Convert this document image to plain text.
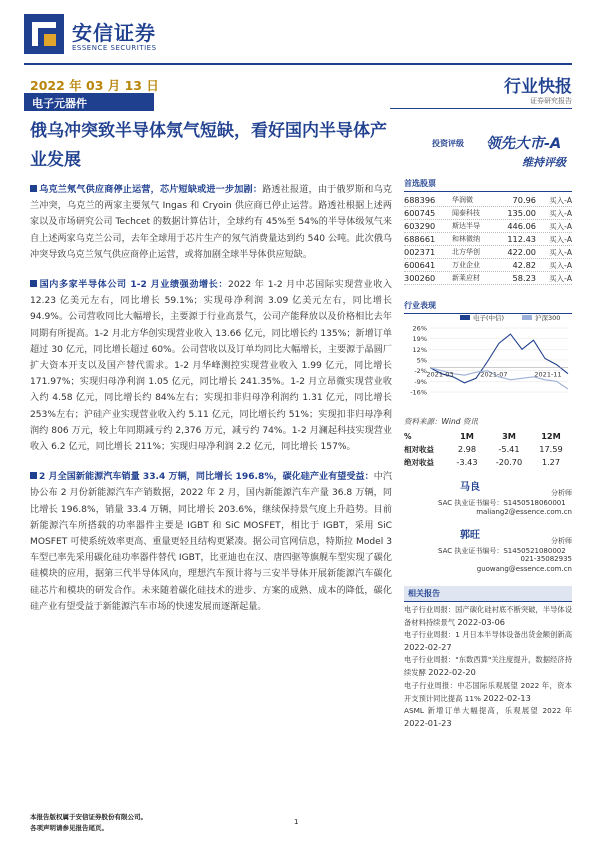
安信证券
ESSENCE SECURITIES
2022 年 03 月 13 日
电子元器件
行业快报
证券研究报告
俄乌冲突致半导体氖气短缺，看好国内半导体产业发展
投资评级 领先大市-A
维持评级

乌克兰氖气供应商停止运营，芯片短缺或进一步加剧：路透社报道，由于俄罗斯和乌克兰冲突，乌克兰的两家主要氖气 Ingas 和 Cryoin 供应商已停止运营。路透社根据上述两家以及市场研究公司 Techcet 的数据计算估计，全球约有 45%至 54%的半导体级氖气来自上述两家乌克兰公司，去年全球用于芯片生产的氖气消费量达到约 540 公吨。此次俄乌冲突导致乌克兰氖气供应商停止运营，或将加剧全球半导体供应短缺。

国内多家半导体公司 1-2 月业绩强劲增长：2022 年 1-2 月中芯国际实现营业收入 12.23 亿美元左右，同比增长 59.1%；实现母净利润 3.09 亿美元左右，同比增长 94.9%。公司营收同比大幅增长，主要源于行业高景气，公司产能释放以及价格相比去年同期有所提高。1-2 月北方华创实现营业收入 13.66 亿元，同比增长约 135%；新增订单超过 30 亿元，同比增长超过 60%。公司营收以及订单均同比大幅增长，主要源于晶圆厂扩大资本开支以及国产替代需求。1-2 月华峰测控实现营业收入 1.99 亿元，同比增长 171.97%；实现归母净利润 1.05 亿元，同比增长 241.35%。1-2 月立昂微实现营业收入约 4.58 亿元，同比增长约 84%左右；实现扣非归母净利润约 1.31 亿元，同比增长 253%左右；沪硅产业实现营业收入约 5.11 亿元，同比增长约 51%；实现扣非归母净利润约 806 万元，较上年同期减亏约 2,376 万元，减亏约 74%。1-2 月澜起科技实现营业收入 6.2 亿元，同比增长 211%；实现归母净利润 2.2 亿元，同比增长 157%。

2 月全国新能源汽车销量 33.4 万辆，同比增长 196.8%，碳化硅产业有望受益：中汽协公布 2 月份新能源汽车产销数据，2022 年 2 月，国内新能源汽车产量 36.8 万辆，同比增长 196.8%，销量 33.4 万辆，同比增长 203.6%，继续保持景气度上升趋势。目前新能源汽车所搭载的功率器件主要是 IGBT 和 SiC MOSFET，相比于 IGBT，采用 SiC MOSFET 可使系统效率更高、重量更轻且结构更紧凑。据公司官网信息，特斯拉 Model 3 车型已率先采用碳化硅功率器件替代 IGBT，比亚迪也在汉、唐四驱等旗舰车型实现了碳化硅模块的应用，据第三代半导体风向，理想汽车预计将与三安半导体开展新能源汽车碳化硅芯片和模块的研发合作。未来随着碳化硅技术的进步、方案的成熟、成本的降低，碳化硅产业有望受益于新能源汽车市场的快速发展而逐渐起量。

首选股票
688396	华润微	70.96	买入-A
600745	闻泰科技	135.00	买入-A
603290	斯达半导	446.06	买入-A
688661	和林微纳	112.43	买入-A
002371	北方华创	422.00	买入-A
600641	万业企业	42.82	买入-A
300260	新莱应材	58.23	买入-A
行业表现
26%
19%
12%
5%
-2%
-9%
-16%
电子(中信)	沪深300
2021-03	2021-07	2021-11
资料来源：Wind 资讯
%	1M	3M	12M
相对收益	2.98	-5.41	17.59
绝对收益	-3.43	-20.70	1.27
马良	分析师
SAC 执业证书编号：S1450518060001
maliang2@essence.com.cn
郭旺	分析师
SAC 执业证书编号：S1450521080002
guowang@essence.com.cn
021-35082935
相关报告
电子行业周报：国产碳化硅衬底不断突破，半导体设备材料持续景气 2022-03-06
电子行业周报：1 月日本半导体设备出货金额创新高 2022-02-27
电子行业周报："东数西算"关注度提升，数据经济持续发酵 2022-02-20
电子行业周报：中芯国际乐观展望 2022 年，资本开支预计同比提高 11% 2022-02-13
ASML 新增订单大幅提高，乐观展望 2022 年 2022-01-23
本报告版权属于安信证券股份有限公司。
各项声明请参见报告尾页。
1
